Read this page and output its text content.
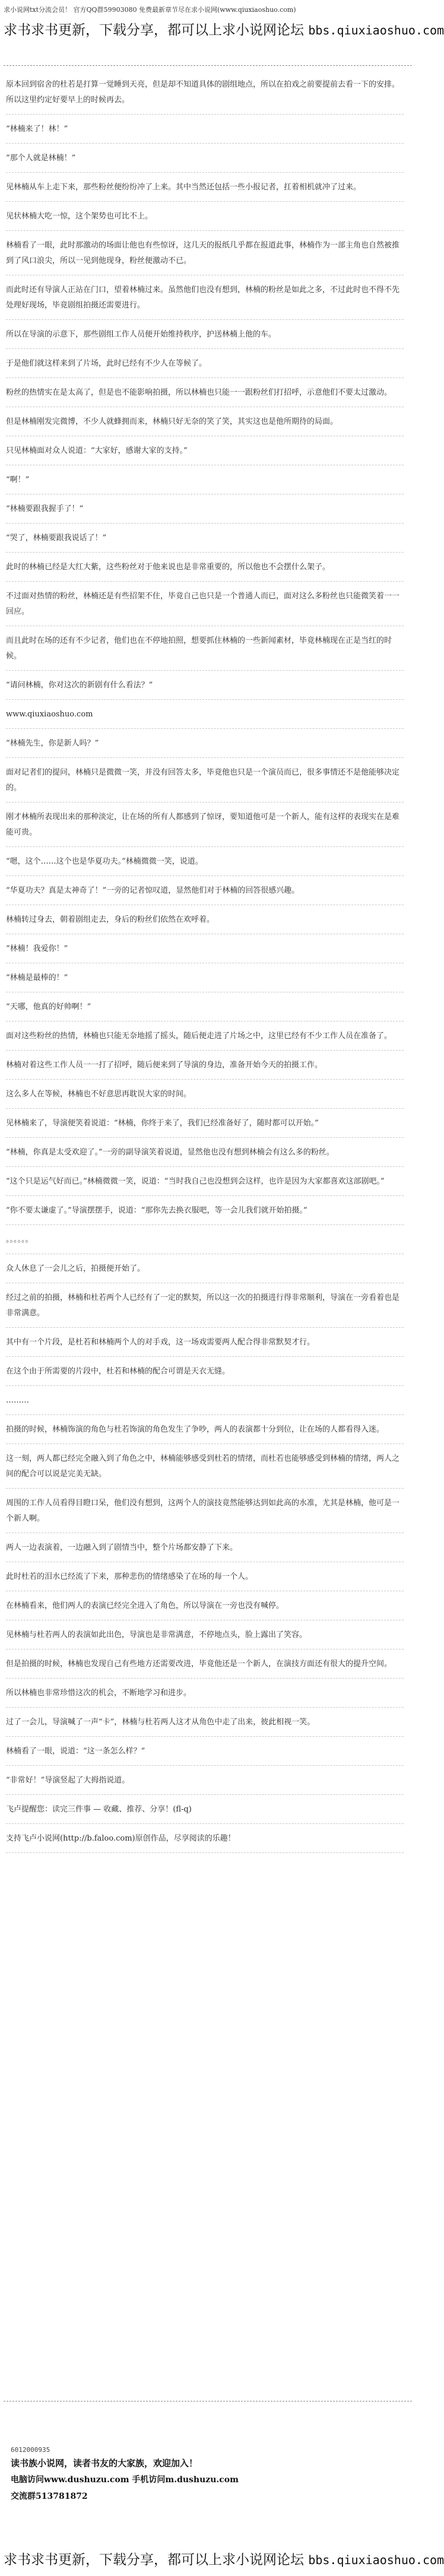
求小说网txt分流会员！ 官方QQ群59903080 免费最新章节尽在求小说网(www.qiuxiaoshuo.com)
求书求书更新，下载分享，都可以上求小说网论坛 bbs.qiuxiaoshuo.com

原本回到宿舍的杜若是打算一觉睡到天亮，但是却不知道具体的剧组地点，所以在拍戏之前要提前去看一下的安排。所以这里约定好要早上的时候再去。

“林楠来了！林！”

“那个人就是林楠！”

见林楠从车上走下来，那些粉丝便纷纷冲了上来。其中当然还包括一些小报记者，扛着相机就冲了过来。

见状林楠大吃一惊，这个架势也可比不上。

林楠看了一眼，此时那激动的场面让他也有些惊讶，这几天的报纸几乎都在报道此事，林楠作为一部主角也自然被推到了风口浪尖，所以一见到他现身，粉丝便激动不已。

而此时还有导演人正站在门口，望着林楠过来。虽然他们也没有想到，林楠的粉丝是如此之多，不过此时也不得不先处理好现场，毕竟剧组拍摄还需要进行。

所以在导演的示意下，那些剧组工作人员便开始维持秩序，护送林楠上他的车。

于是他们就这样来到了片场，此时已经有不少人在等候了。

粉丝的热情实在是太高了，但是也不能影响拍摄，所以林楠也只能一一跟粉丝们打招呼，示意他们不要太过激动。

但是林楠刚发完微博，不少人就蜂拥而来，林楠只好无奈的笑了笑，其实这也是他所期待的局面。

只见林楠面对众人说道：“大家好，感谢大家的支持。”

“啊！”

“林楠要跟我握手了！”

“哭了，林楠要跟我说话了！”

此时的林楠已经是大红大紫，这些粉丝对于他来说也是非常重要的，所以他也不会摆什么架子。

不过面对热情的粉丝，林楠还是有些招架不住，毕竟自己也只是一个普通人而已，面对这么多粉丝也只能微笑着一一回应。

而且此时在场的还有不少记者，他们也在不停地拍照，想要抓住林楠的一些新闻素材，毕竟林楠现在正是当红的时候。

“请问林楠，你对这次的新剧有什么看法？”

www.qiuxiaoshuo.com

“林楠先生，你是新人吗？”

面对记者们的提问，林楠只是微微一笑，并没有回答太多，毕竟他也只是一个演员而已，很多事情还不是他能够决定的。

刚才林楠所表现出来的那种淡定，让在场的所有人都感到了惊讶，要知道他可是一个新人，能有这样的表现实在是难能可贵。

“嗯，这个……这个也是华夏功夫。”林楠微微一笑，说道。

“华夏功夫？真是太神奇了！”一旁的记者惊叹道，显然他们对于林楠的回答很感兴趣。

林楠转过身去，朝着剧组走去，身后的粉丝们依然在欢呼着。

“林楠！我爱你！”

“林楠是最棒的！”

“天哪，他真的好帅啊！”

面对这些粉丝的热情，林楠也只能无奈地摇了摇头，随后便走进了片场之中，这里已经有不少工作人员在准备了。

林楠对着这些工作人员一一打了招呼，随后便来到了导演的身边，准备开始今天的拍摄工作。

这么多人在等候，林楠也不好意思再耽误大家的时间。

见林楠来了，导演便笑着说道：“林楠，你终于来了，我们已经准备好了，随时都可以开始。”

“林楠，你真是太受欢迎了。”一旁的副导演笑着说道，显然他也没有想到林楠会有这么多的粉丝。

“这个只是运气好而已。”林楠微微一笑，说道：“当时我自己也没想到会这样，也许是因为大家都喜欢这部剧吧。”

“你不要太谦虚了。”导演摆摆手，说道：“那你先去换衣服吧，等一会儿我们就开始拍摄。”

。。。。。。

众人休息了一会儿之后，拍摄便开始了。

经过之前的拍摄，林楠和杜若两个人已经有了一定的默契，所以这一次的拍摄进行得非常顺利，导演在一旁看着也是非常满意。

其中有一个片段，是杜若和林楠两个人的对手戏，这一场戏需要两人配合得非常默契才行。

在这个由于所需要的片段中，杜若和林楠的配合可谓是天衣无缝。

………

拍摄的时候，林楠饰演的角色与杜若饰演的角色发生了争吵，两人的表演都十分到位，让在场的人都看得入迷。

这一刻，两人都已经完全融入到了角色之中，林楠能够感受到杜若的情绪，而杜若也能够感受到林楠的情绪，两人之间的配合可以说是完美无缺。

周围的工作人员看得目瞪口呆，他们没有想到，这两个人的演技竟然能够达到如此高的水准，尤其是林楠，他可是一个新人啊。

两人一边表演着，一边融入到了剧情当中，整个片场都安静了下来。

此时杜若的泪水已经流了下来，那种悲伤的情绪感染了在场的每一个人。

在林楠看来，他们两人的表演已经完全进入了角色，所以导演在一旁也没有喊停。

见林楠与杜若两人的表演如此出色，导演也是非常满意，不停地点头，脸上露出了笑容。

但是拍摄的时候，林楠也发现自己有些地方还需要改进，毕竟他还是一个新人，在演技方面还有很大的提升空间。

所以林楠也非常珍惜这次的机会，不断地学习和进步。

过了一会儿，导演喊了一声“卡”，林楠与杜若两人这才从角色中走了出来，彼此相视一笑。

林楠看了一眼，说道：“这一条怎么样？”

“非常好！”导演竖起了大拇指说道。

飞卢提醒您：读完三件事 — 收藏、推荐、分享！(fl-q)

支持飞卢小说网(http://b.faloo.com)原创作品，尽享阅读的乐趣！

6012000935
读书族小说网，读者书友的大家族，欢迎加入！
电脑访问www.dushuzu.com 手机访问m.dushuzu.com
交流群513781872
求书求书更新，下载分享，都可以上求小说网论坛 bbs.qiuxiaoshuo.com
